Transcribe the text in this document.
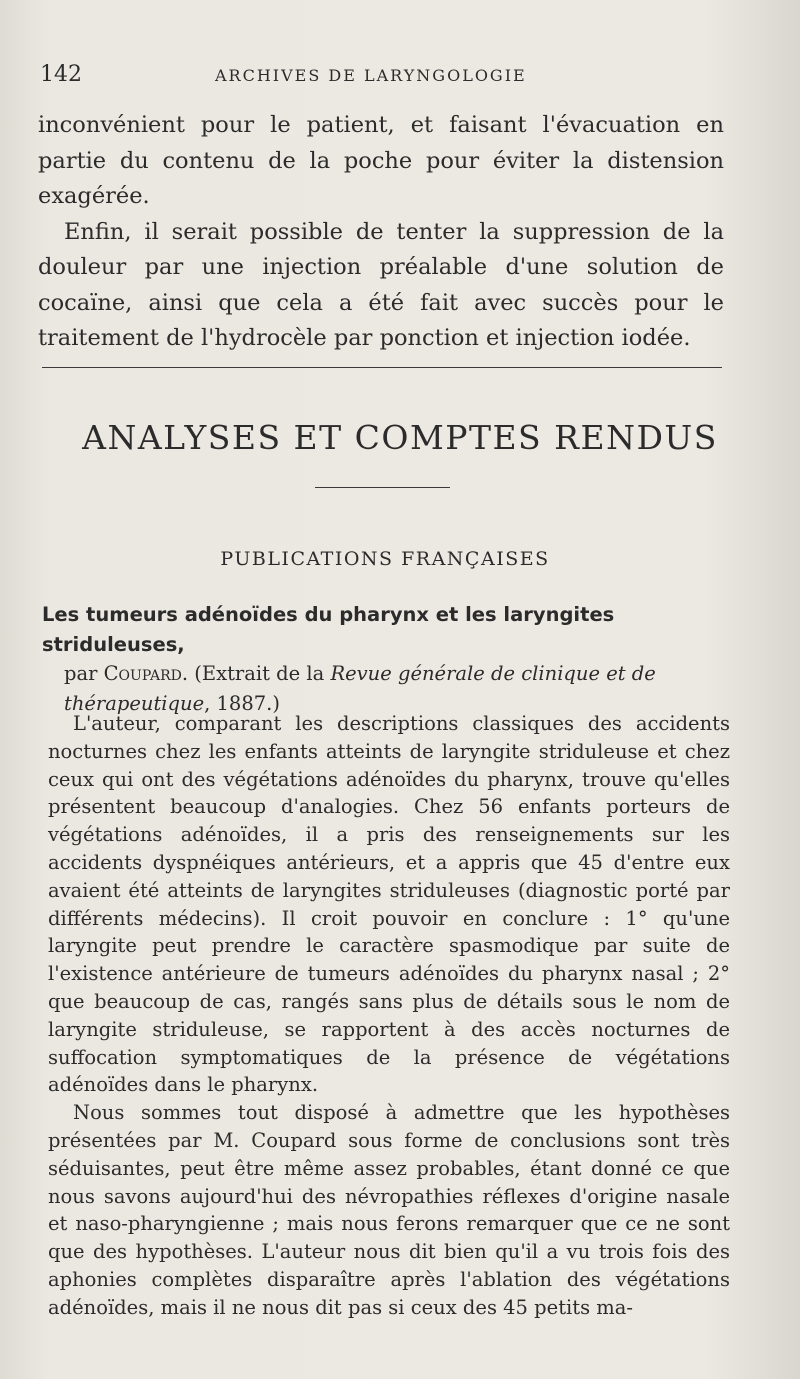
142	ARCHIVES DE LARYNGOLOGIE

inconvénient pour le patient, et faisant l'évacuation en partie du contenu de la poche pour éviter la distension exagérée.

Enfin, il serait possible de tenter la suppression de la douleur par une injection préalable d'une solution de cocaïne, ainsi que cela a été fait avec succès pour le traitement de l'hydrocèle par ponction et injection iodée.

ANALYSES ET COMPTES RENDUS
PUBLICATIONS FRANÇAISES

Les tumeurs adénoïdes du pharynx et les laryngites striduleuses,
par Coupard. (Extrait de la Revue générale de clinique et de thérapeutique, 1887.)

L'auteur, comparant les descriptions classiques des accidents nocturnes chez les enfants atteints de laryngite striduleuse et chez ceux qui ont des végétations adénoïdes du pharynx, trouve qu'elles présentent beaucoup d'analogies. Chez 56 enfants porteurs de végétations adénoïdes, il a pris des renseignements sur les accidents dyspnéiques antérieurs, et a appris que 45 d'entre eux avaient été atteints de laryngites striduleuses (diagnostic porté par différents médecins). Il croit pouvoir en conclure : 1° qu'une laryngite peut prendre le caractère spasmodique par suite de l'existence antérieure de tumeurs adénoïdes du pharynx nasal ; 2° que beaucoup de cas, rangés sans plus de détails sous le nom de laryngite striduleuse, se rapportent à des accès nocturnes de suffocation symptomatiques de la présence de végétations adénoïdes dans le pharynx.

Nous sommes tout disposé à admettre que les hypothèses présentées par M. Coupard sous forme de conclusions sont très séduisantes, peut être même assez probables, étant donné ce que nous savons aujourd'hui des névropathies réflexes d'origine nasale et naso-pharyngienne ; mais nous ferons remarquer que ce ne sont que des hypothèses. L'auteur nous dit bien qu'il a vu trois fois des aphonies complètes disparaître après l'ablation des végétations adénoïdes, mais il ne nous dit pas si ceux des 45 petits ma-
